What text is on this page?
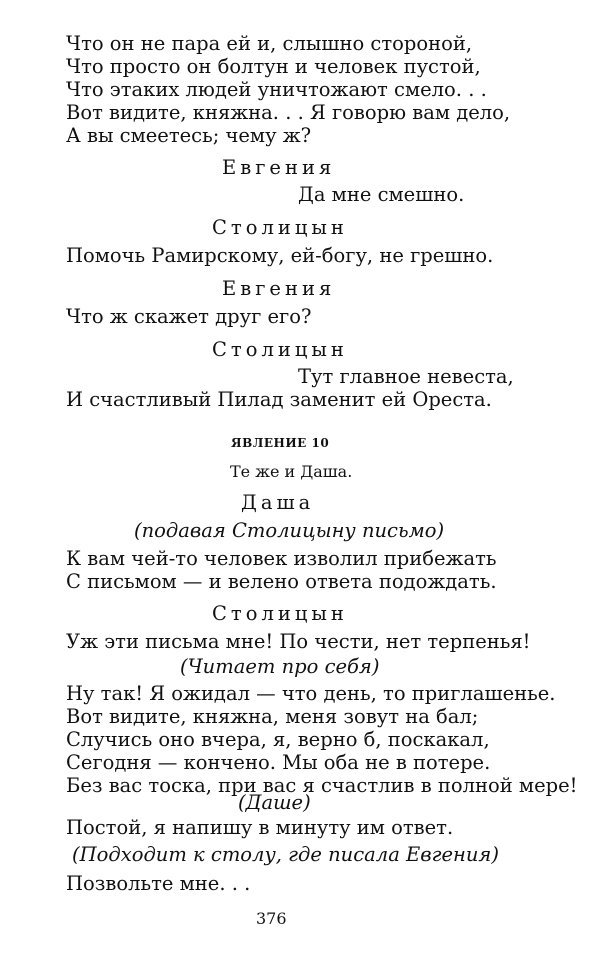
Что он не пара ей и, слышно стороной,
Что просто он болтун и человек пустой,
Что этаких людей уничтожают смело. . .
Вот видите, княжна. . . Я говорю вам дело,
А вы смеетесь; чему ж?
Евгения
Да мне смешно.
Столицын
Помочь Рамирскому, ей-богу, не грешно.
Евгения
Что ж скажет друг его?
Столицын
Тут главное невеста,
И счастливый Пилад заменит ей Ореста.
ЯВЛЕНИЕ 10
Те же и Даша.
Даша
(подавая Столицыну письмо)
К вам чей-то человек изволил прибежать
С письмом — и велено ответа подождать.
Столицын
Уж эти письма мне! По чести, нет терпенья!
(Читает про себя)
Ну так! Я ожидал — что день, то приглашенье.
Вот видите, княжна, меня зовут на бал;
Случись оно вчера, я, верно б, поскакал,
Сегодня — кончено. Мы оба не в потере.
Без вас тоска, при вас я счастлив в полной мере!
(Даше)
Постой, я напишу в минуту им ответ.
(Подходит к столу, где писала Евгения)
Позвольте мне. . .
376
